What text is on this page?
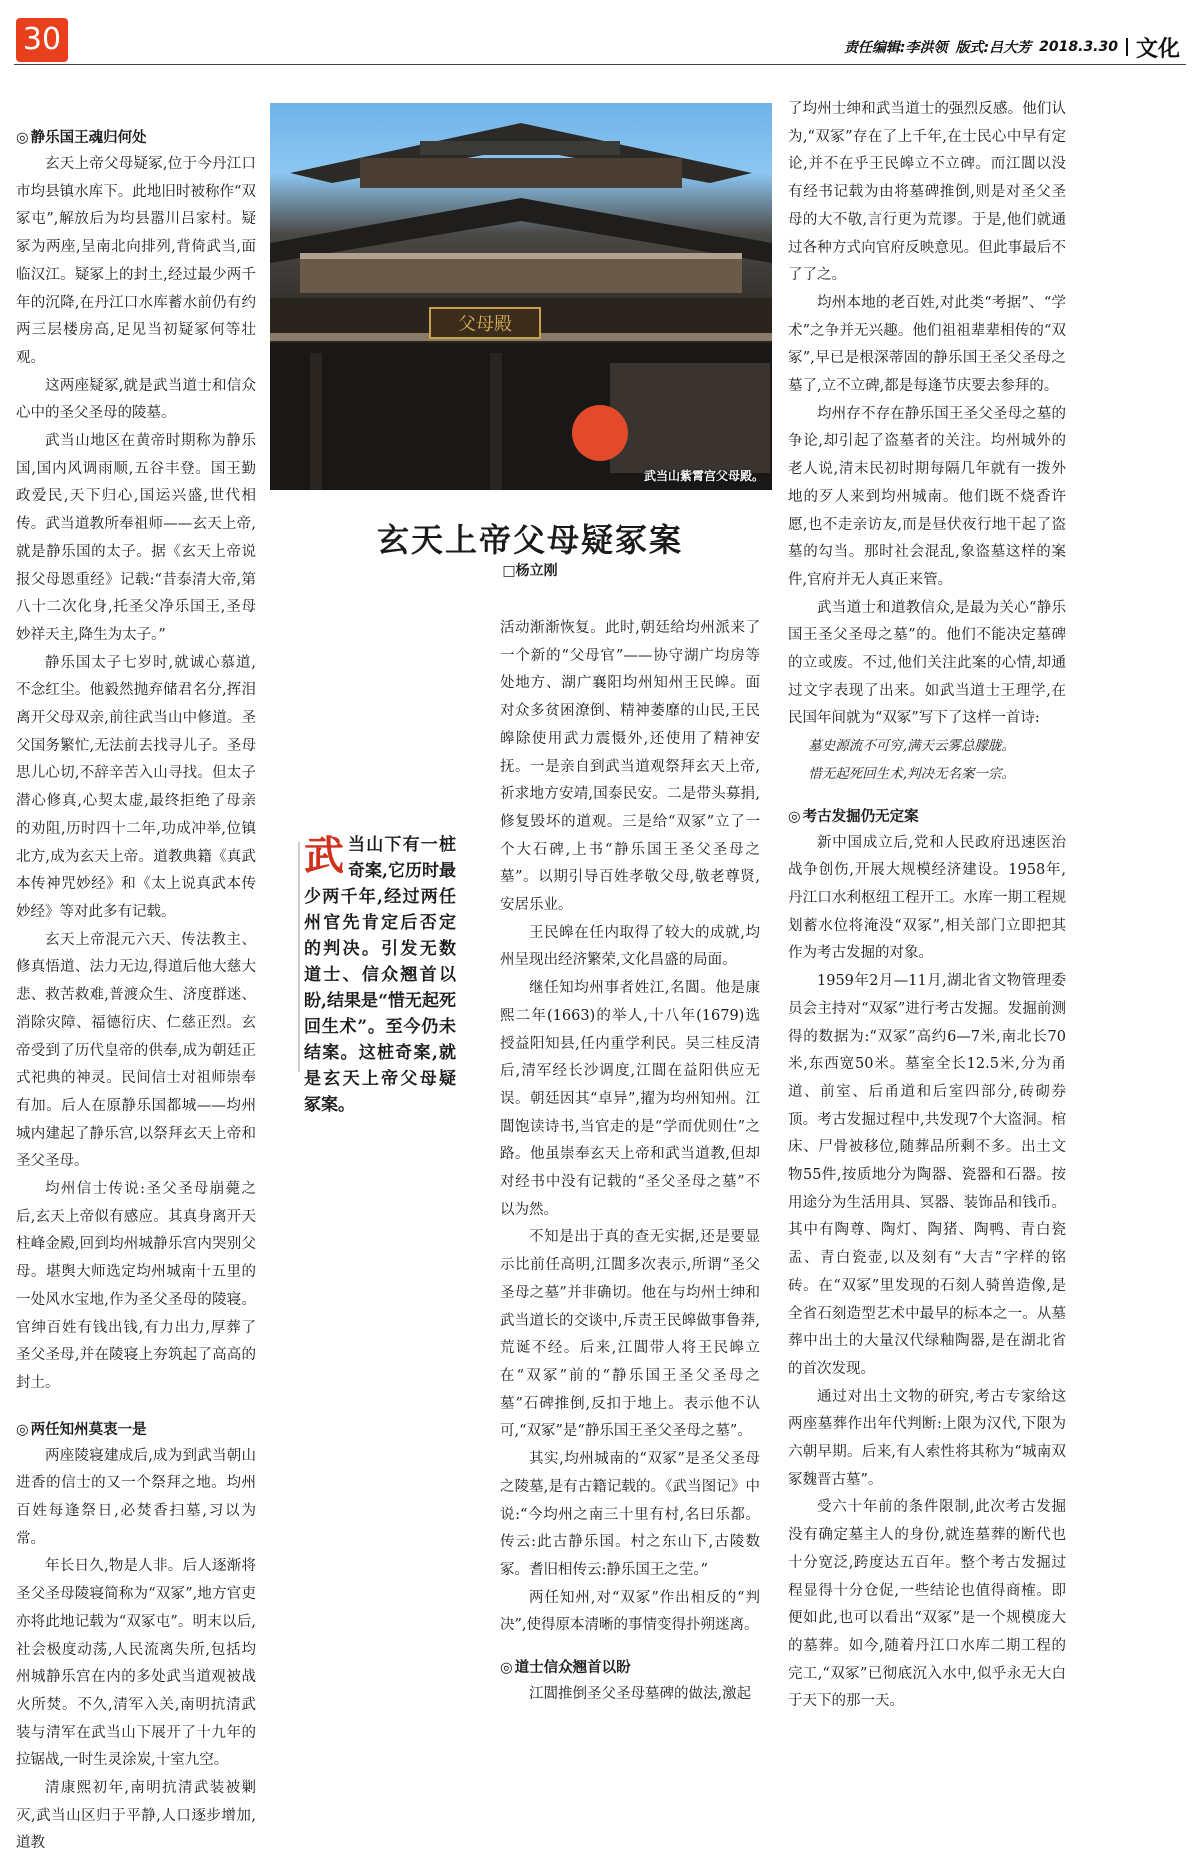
30	责任编辑:李洪领 版式:吕大芳 2018.3.30 文化
◎ 静乐国王魂归何处

玄天上帝父母疑冢,位于今丹江口市均县镇水库下。此地旧时被称作“双冢屯”,解放后为均县嚣川吕家村。疑冢为两座,呈南北向排列,背倚武当,面临汉江。疑冢上的封土,经过最少两千年的沉降,在丹江口水库蓄水前仍有约两三层楼房高,足见当初疑冢何等壮观。

这两座疑冢,就是武当道士和信众心中的圣父圣母的陵墓。

武当山地区在黄帝时期称为静乐国,国内风调雨顺,五谷丰登。国王勤政爱民,天下归心,国运兴盛,世代相传。武当道教所奉祖师——玄天上帝,就是静乐国的太子。据《玄天上帝说报父母恩重经》记载:“昔泰清大帝,第八十二次化身,托圣父净乐国王,圣母妙祥天主,降生为太子。”

静乐国太子七岁时,就诚心慕道,不念红尘。他毅然抛弃储君名分,挥泪离开父母双亲,前往武当山中修道。圣父国务繁忙,无法前去找寻儿子。圣母思儿心切,不辞辛苦入山寻找。但太子潜心修真,心契太虚,最终拒绝了母亲的劝阻,历时四十二年,功成冲举,位镇北方,成为玄天上帝。道教典籍《真武本传神咒妙经》和《太上说真武本传妙经》等对此多有记载。

玄天上帝混元六天、传法教主、修真悟道、法力无边,得道后他大慈大悲、救苦救难,普渡众生、济度群迷、消除灾障、福德衍庆、仁慈正烈。玄帝受到了历代皇帝的供奉,成为朝廷正式祀典的神灵。民间信士对祖师崇奉有加。后人在原静乐国都城——均州城内建起了静乐宫,以祭拜玄天上帝和圣父圣母。

均州信士传说:圣父圣母崩薨之后,玄天上帝似有感应。其真身离开天柱峰金殿,回到均州城静乐宫内哭别父母。堪舆大师选定均州城南十五里的一处风水宝地,作为圣父圣母的陵寝。官绅百姓有钱出钱,有力出力,厚葬了圣父圣母,并在陵寝上夯筑起了高高的封土。

◎ 两任知州莫衷一是

两座陵寝建成后,成为到武当朝山进香的信士的又一个祭拜之地。均州百姓每逢祭日,必焚香扫墓,习以为常。

年长日久,物是人非。后人逐渐将圣父圣母陵寝简称为“双冢”,地方官吏亦将此地记载为“双冢屯”。明末以后,社会极度动荡,人民流离失所,包括均州城静乐宫在内的多处武当道观被战火所焚。不久,清军入关,南明抗清武装与清军在武当山下展开了十九年的拉锯战,一时生灵涂炭,十室九空。

清康熙初年,南明抗清武装被剿灭,武当山区归于平静,人口逐步增加,道教

父母殿
武当山紫霄宫父母殿。
玄天上帝父母疑冢案
□杨立刚
武当山下有一桩奇案,它历时最少两千年,经过两任州官先肯定后否定的判决。引发无数道士、信众翘首以盼,结果是“惜无起死回生术”。至今仍未结案。这桩奇案,就是玄天上帝父母疑冢案。

活动渐渐恢复。此时,朝廷给均州派来了一个新的“父母官”——协守湖广均房等处地方、湖广襄阳均州知州王民皞。面对众多贫困潦倒、精神萎靡的山民,王民皞除使用武力震慑外,还使用了精神安抚。一是亲自到武当道观祭拜玄天上帝,祈求地方安靖,国泰民安。二是带头募捐,修复毁坏的道观。三是给“双冢”立了一个大石碑,上书“静乐国王圣父圣母之墓”。以期引导百姓孝敬父母,敬老尊贤,安居乐业。

王民皞在任内取得了较大的成就,均州呈现出经济繁荣,文化昌盛的局面。

继任知均州事者姓江,名閶。他是康熙二年(1663)的举人,十八年(1679)选授益阳知县,任内重学利民。吴三桂反清后,清军经长沙调度,江閶在益阳供应无误。朝廷因其“卓异”,擢为均州知州。江閶饱读诗书,当官走的是“学而优则仕”之路。他虽崇奉玄天上帝和武当道教,但却对经书中没有记载的“圣父圣母之墓”不以为然。

不知是出于真的查无实据,还是要显示比前任高明,江閶多次表示,所谓“圣父圣母之墓”并非确切。他在与均州士绅和武当道长的交谈中,斥责王民皞做事鲁莽,荒诞不经。后来,江閶带人将王民皞立在“双冢”前的“静乐国王圣父圣母之墓”石碑推倒,反扣于地上。表示他不认可,“双冢”是“静乐国王圣父圣母之墓”。

其实,均州城南的“双冢”是圣父圣母之陵墓,是有古籍记载的。《武当图记》中说:“今均州之南三十里有村,名曰乐都。传云:此古静乐国。村之东山下,古陵数冢。耆旧相传云:静乐国王之茔。”

两任知州,对“双冢”作出相反的“判决”,使得原本清晰的事情变得扑朔迷离。

◎ 道士信众翘首以盼

江閶推倒圣父圣母墓碑的做法,激起

了均州士绅和武当道士的强烈反感。他们认为,“双冢”存在了上千年,在士民心中早有定论,并不在乎王民皞立不立碑。而江閶以没有经书记载为由将墓碑推倒,则是对圣父圣母的大不敬,言行更为荒谬。于是,他们就通过各种方式向官府反映意见。但此事最后不了了之。

均州本地的老百姓,对此类“考据”、“学术”之争并无兴趣。他们祖祖辈辈相传的“双冢”,早已是根深蒂固的静乐国王圣父圣母之墓了,立不立碑,都是每逢节庆要去参拜的。

均州存不存在静乐国王圣父圣母之墓的争论,却引起了盗墓者的关注。均州城外的老人说,清末民初时期每隔几年就有一拨外地的歹人来到均州城南。他们既不烧香许愿,也不走亲访友,而是昼伏夜行地干起了盗墓的勾当。那时社会混乱,象盗墓这样的案件,官府并无人真正来管。

武当道士和道教信众,是最为关心“静乐国王圣父圣母之墓”的。他们不能决定墓碑的立或废。不过,他们关注此案的心情,却通过文字表现了出来。如武当道士王理学,在民国年间就为“双冢”写下了这样一首诗:

墓史源流不可穷,满天云雾总朦胧。

惜无起死回生术,判决无名案一宗。

◎ 考古发掘仍无定案

新中国成立后,党和人民政府迅速医治战争创伤,开展大规模经济建设。1958年,丹江口水利枢纽工程开工。水库一期工程规划蓄水位将淹没“双冢”,相关部门立即把其作为考古发掘的对象。

1959年2月—11月,湖北省文物管理委员会主持对“双冢”进行考古发掘。发掘前测得的数据为:“双冢”高约6—7米,南北长70米,东西宽50米。墓室全长12.5米,分为甬道、前室、后甬道和后室四部分,砖砌券顶。考古发掘过程中,共发现7个大盗洞。棺床、尸骨被移位,随葬品所剩不多。出土文物55件,按质地分为陶器、瓷器和石器。按用途分为生活用具、冥器、装饰品和钱币。其中有陶尊、陶灯、陶猪、陶鸭、青白瓷盂、青白瓷壶,以及刻有“大吉”字样的铭砖。在“双冢”里发现的石刻人骑兽造像,是全省石刻造型艺术中最早的标本之一。从墓葬中出土的大量汉代绿釉陶器,是在湖北省的首次发现。

通过对出土文物的研究,考古专家给这两座墓葬作出年代判断:上限为汉代,下限为六朝早期。后来,有人索性将其称为“城南双冢魏晋古墓”。

受六十年前的条件限制,此次考古发掘没有确定墓主人的身份,就连墓葬的断代也十分宽泛,跨度达五百年。整个考古发掘过程显得十分仓促,一些结论也值得商榷。即便如此,也可以看出“双冢”是一个规模庞大的墓葬。如今,随着丹江口水库二期工程的完工,“双冢”已彻底沉入水中,似乎永无大白于天下的那一天。
